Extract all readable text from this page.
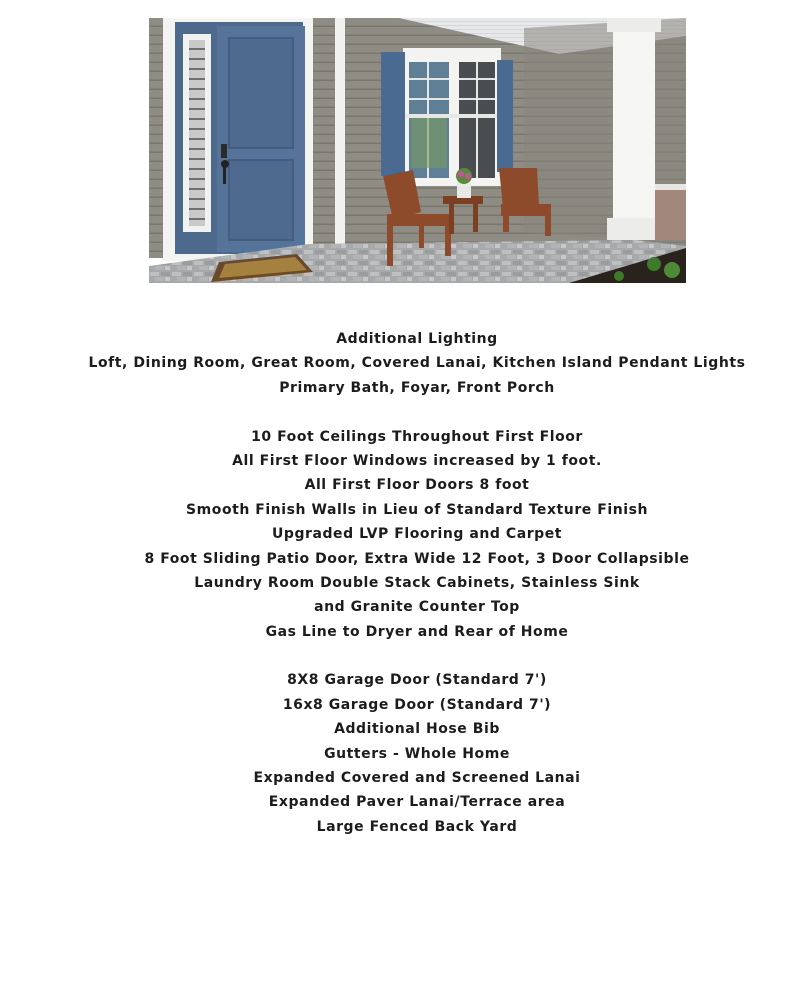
Additional Lighting
Loft, Dining Room, Great Room, Covered Lanai, Kitchen Island Pendant Lights
Primary Bath, Foyar, Front Porch
10 Foot Ceilings Throughout First Floor
All First Floor Windows increased by 1 foot.
All First Floor Doors 8 foot
Smooth Finish Walls in Lieu of Standard Texture Finish
Upgraded LVP Flooring and Carpet
8 Foot Sliding Patio Door, Extra Wide 12 Foot, 3 Door Collapsible
Laundry Room Double Stack Cabinets, Stainless Sink
and Granite Counter Top
Gas Line to Dryer and Rear of Home
8X8 Garage Door (Standard 7')
16x8 Garage Door (Standard 7')
Additional Hose Bib
Gutters - Whole Home
Expanded Covered and Screened Lanai
Expanded Paver Lanai/Terrace area
Large Fenced Back Yard
